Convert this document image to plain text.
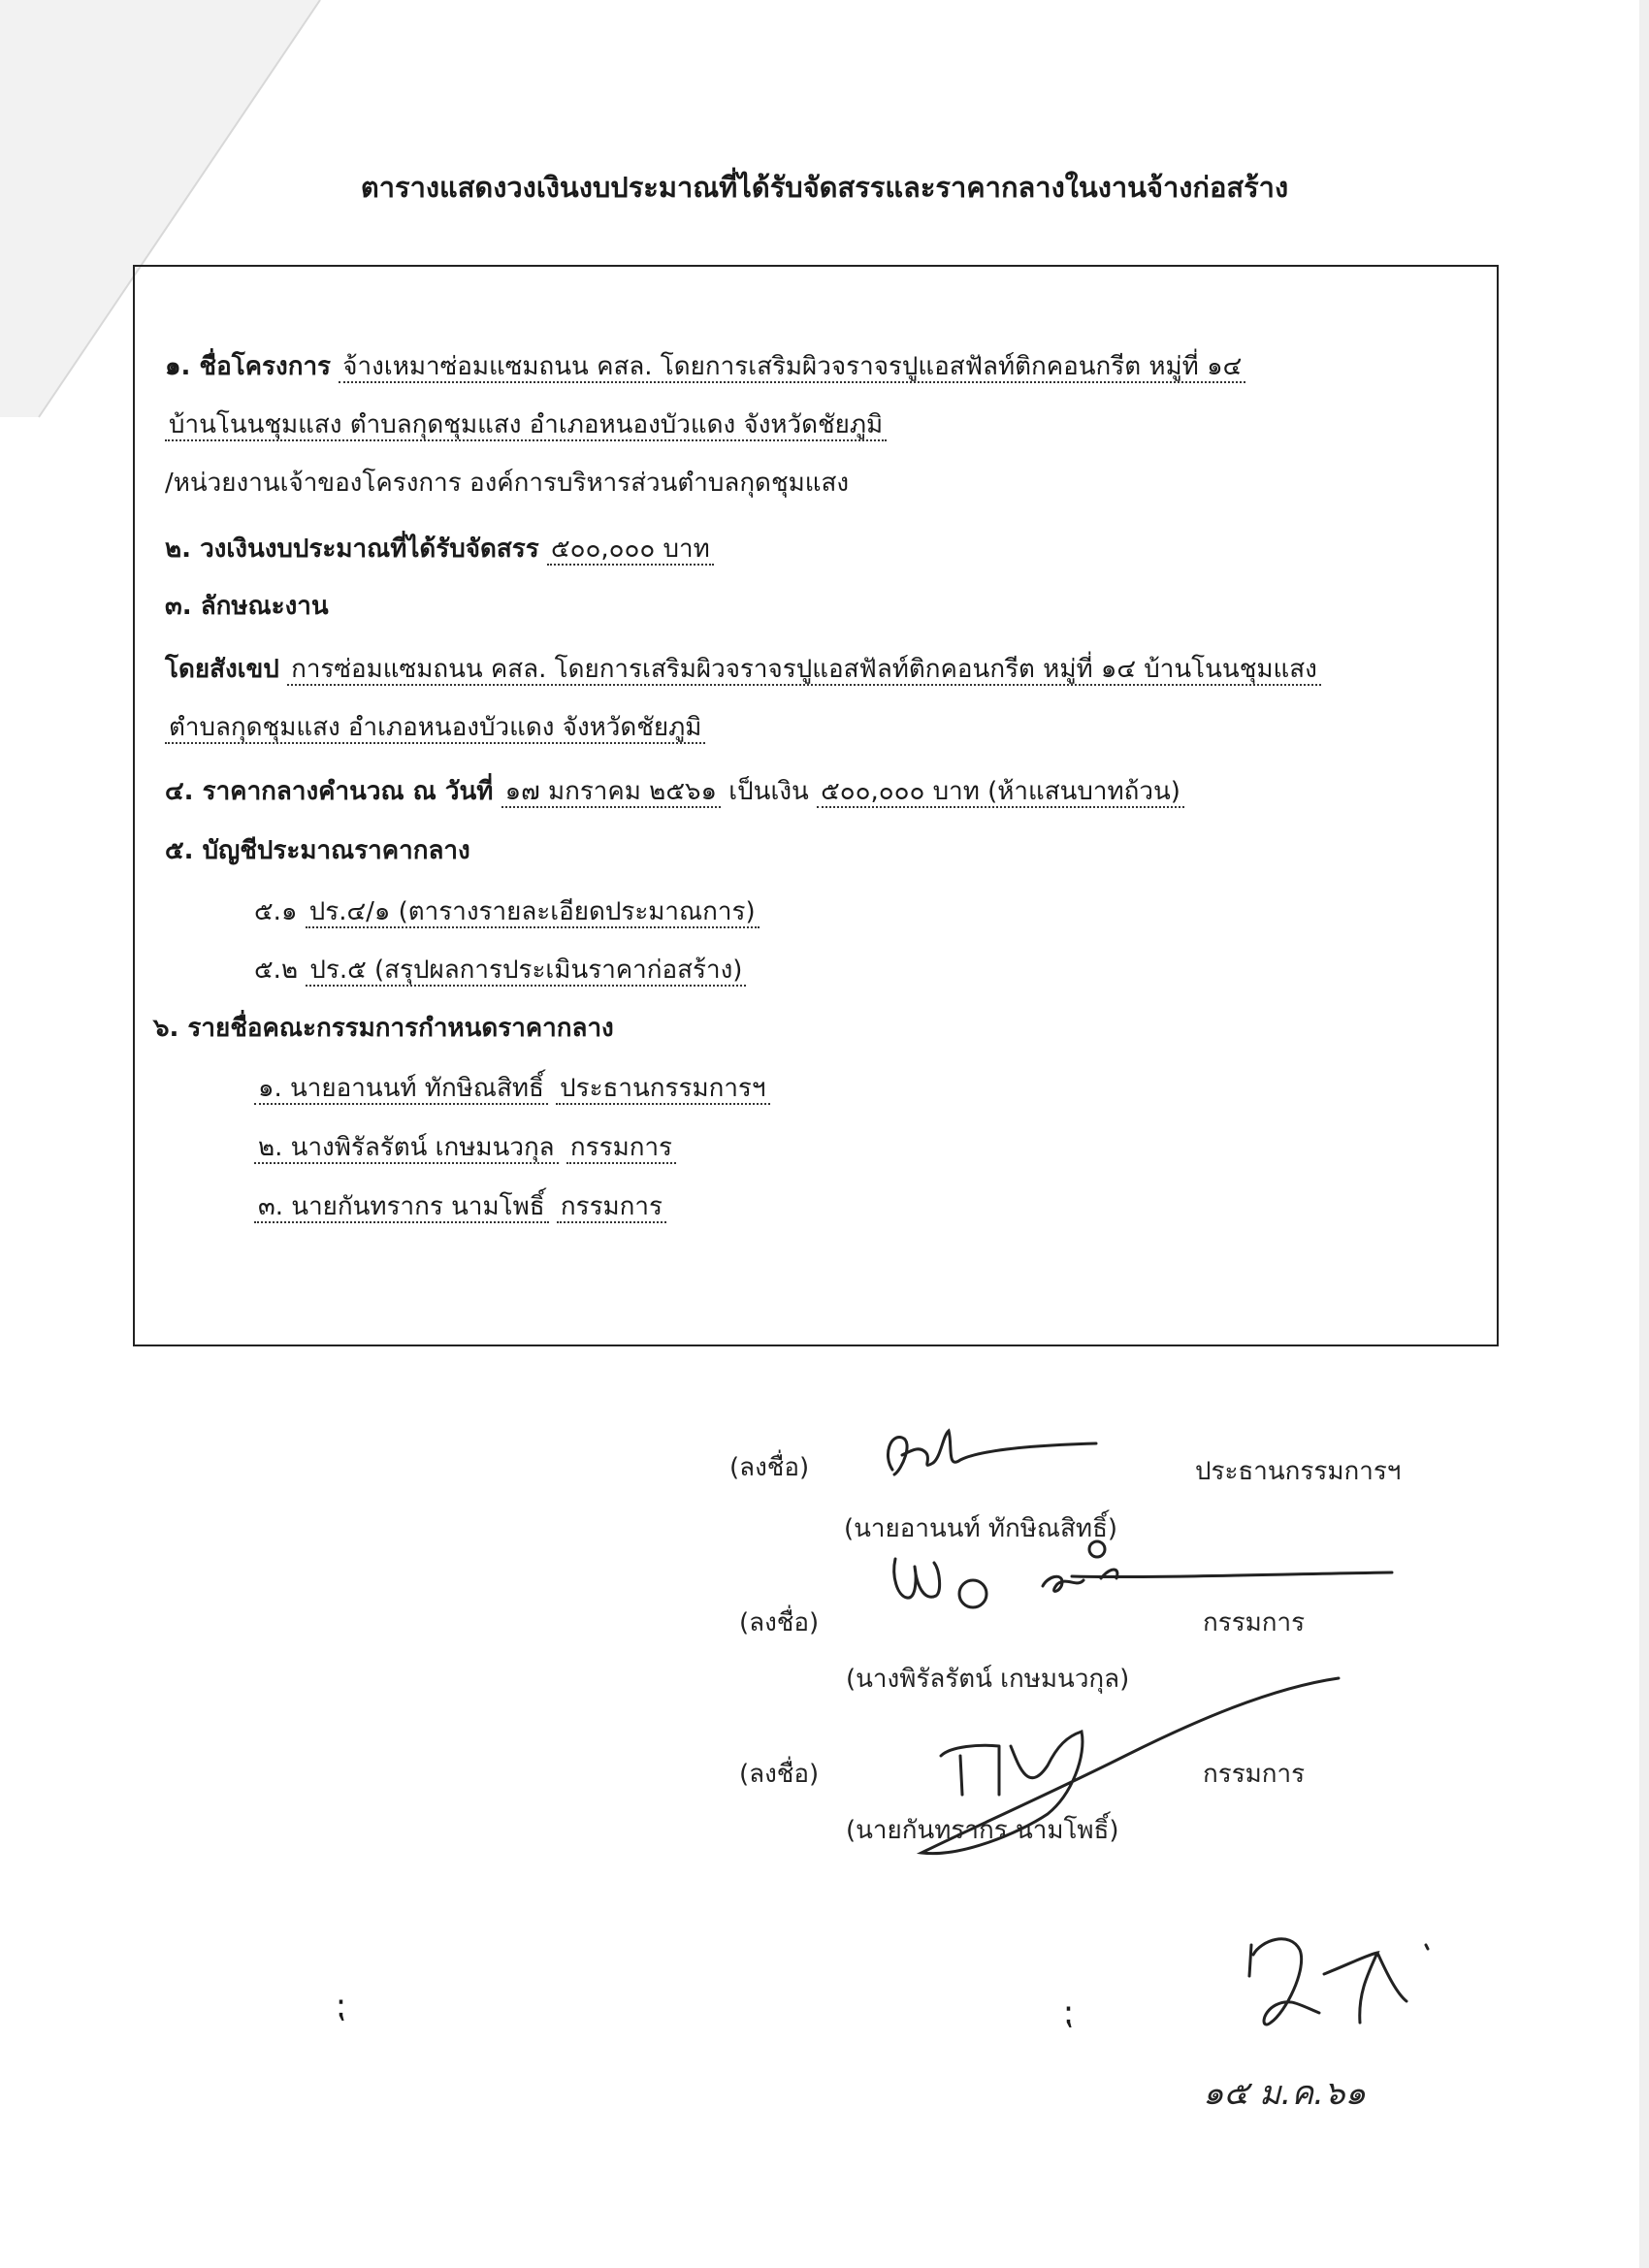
ตารางแสดงวงเงินงบประมาณที่ได้รับจัดสรรและราคากลางในงานจ้างก่อสร้าง
๑. ชื่อโครงการ จ้างเหมาซ่อมแซมถนน คสล. โดยการเสริมผิวจราจรปูแอสฟัลท์ติกคอนกรีต หมู่ที่ ๑๔
บ้านโนนชุมแสง ตำบลกุดชุมแสง อำเภอหนองบัวแดง จังหวัดชัยภูมิ
/หน่วยงานเจ้าของโครงการ องค์การบริหารส่วนตำบลกุดชุมแสง
๒. วงเงินงบประมาณที่ได้รับจัดสรร ๕๐๐,๐๐๐ บาท
๓. ลักษณะงาน
โดยสังเขป การซ่อมแซมถนน คสล. โดยการเสริมผิวจราจรปูแอสฟัลท์ติกคอนกรีต หมู่ที่ ๑๔ บ้านโนนชุมแสง
ตำบลกุดชุมแสง อำเภอหนองบัวแดง จังหวัดชัยภูมิ
๔. ราคากลางคำนวณ ณ วันที่ ๑๗ มกราคม ๒๕๖๑ เป็นเงิน ๕๐๐,๐๐๐ บาท (ห้าแสนบาทถ้วน)
๕. บัญชีประมาณราคากลาง
๕.๑ ปร.๔/๑ (ตารางรายละเอียดประมาณการ)
๕.๒ ปร.๕ (สรุปผลการประเมินราคาก่อสร้าง)
๖. รายชื่อคณะกรรมการกำหนดราคากลาง
๑. นายอานนท์ ทักษิณสิทธิ์ ประธานกรรมการฯ
๒. นางพิรัลรัตน์ เกษมนวกุล กรรมการ
๓. นายกันทรากร นามโพธิ์ กรรมการ
(ลงชื่อ)	ประธานกรรมการฯ
(นายอานนท์ ทักษิณสิทธิ์)
(ลงชื่อ)	กรรมการ
(นางพิรัลรัตน์ เกษมนวกุล)
(ลงชื่อ)	กรรมการ
(นายกันทรากร นามโพธิ์)
⁏	⁏
๑๕ ม.ค.๖๑
